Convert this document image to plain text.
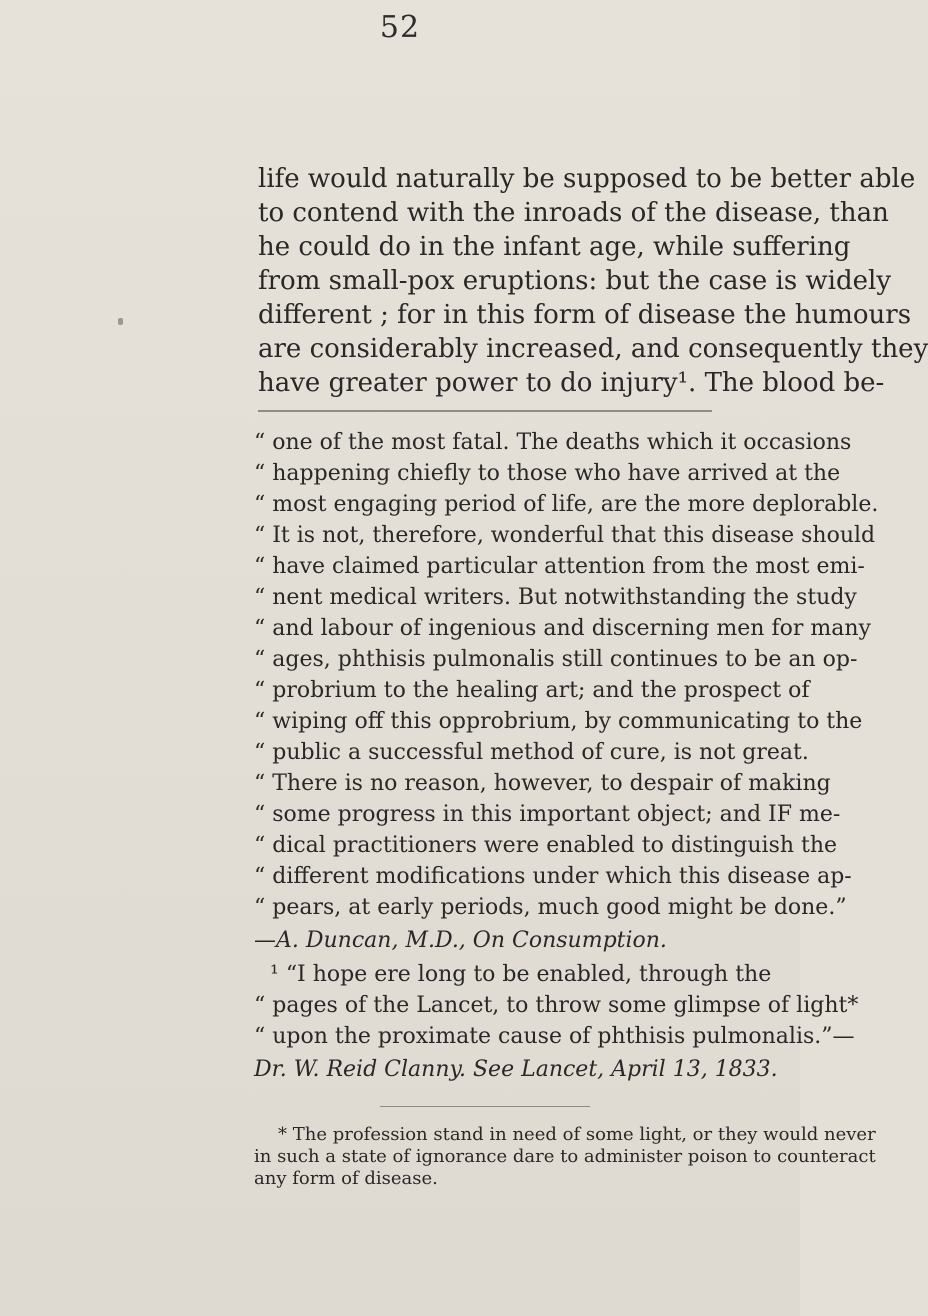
52
life would naturally be supposed to be better able
to contend with the inroads of the disease, than
he could do in the infant age, while suffering
from small-pox eruptions: but the case is widely
different ; for in this form of disease the humours
are considerably increased, and consequently they
have greater power to do injury¹. The blood be-
“ one of the most fatal. The deaths which it occasions
“ happening chiefly to those who have arrived at the
“ most engaging period of life, are the more deplorable.
“ It is not, therefore, wonderful that this disease should
“ have claimed particular attention from the most emi-
“ nent medical writers. But notwithstanding the study
“ and labour of ingenious and discerning men for many
“ ages, phthisis pulmonalis still continues to be an op-
“ probrium to the healing art; and the prospect of
“ wiping off this opprobrium, by communicating to the
“ public a successful method of cure, is not great.
“ There is no reason, however, to despair of making
“ some progress in this important object; and IF me-
“ dical practitioners were enabled to distinguish the
“ different modifications under which this disease ap-
“ pears, at early periods, much good might be done.”
—A. Duncan, M.D., On Consumption.
¹ “I hope ere long to be enabled, through the
“ pages of the Lancet, to throw some glimpse of light*
“ upon the proximate cause of phthisis pulmonalis.”—
Dr. W. Reid Clanny. See Lancet, April 13, 1833.
* The profession stand in need of some light, or they would never
in such a state of ignorance dare to administer poison to counteract
any form of disease.
